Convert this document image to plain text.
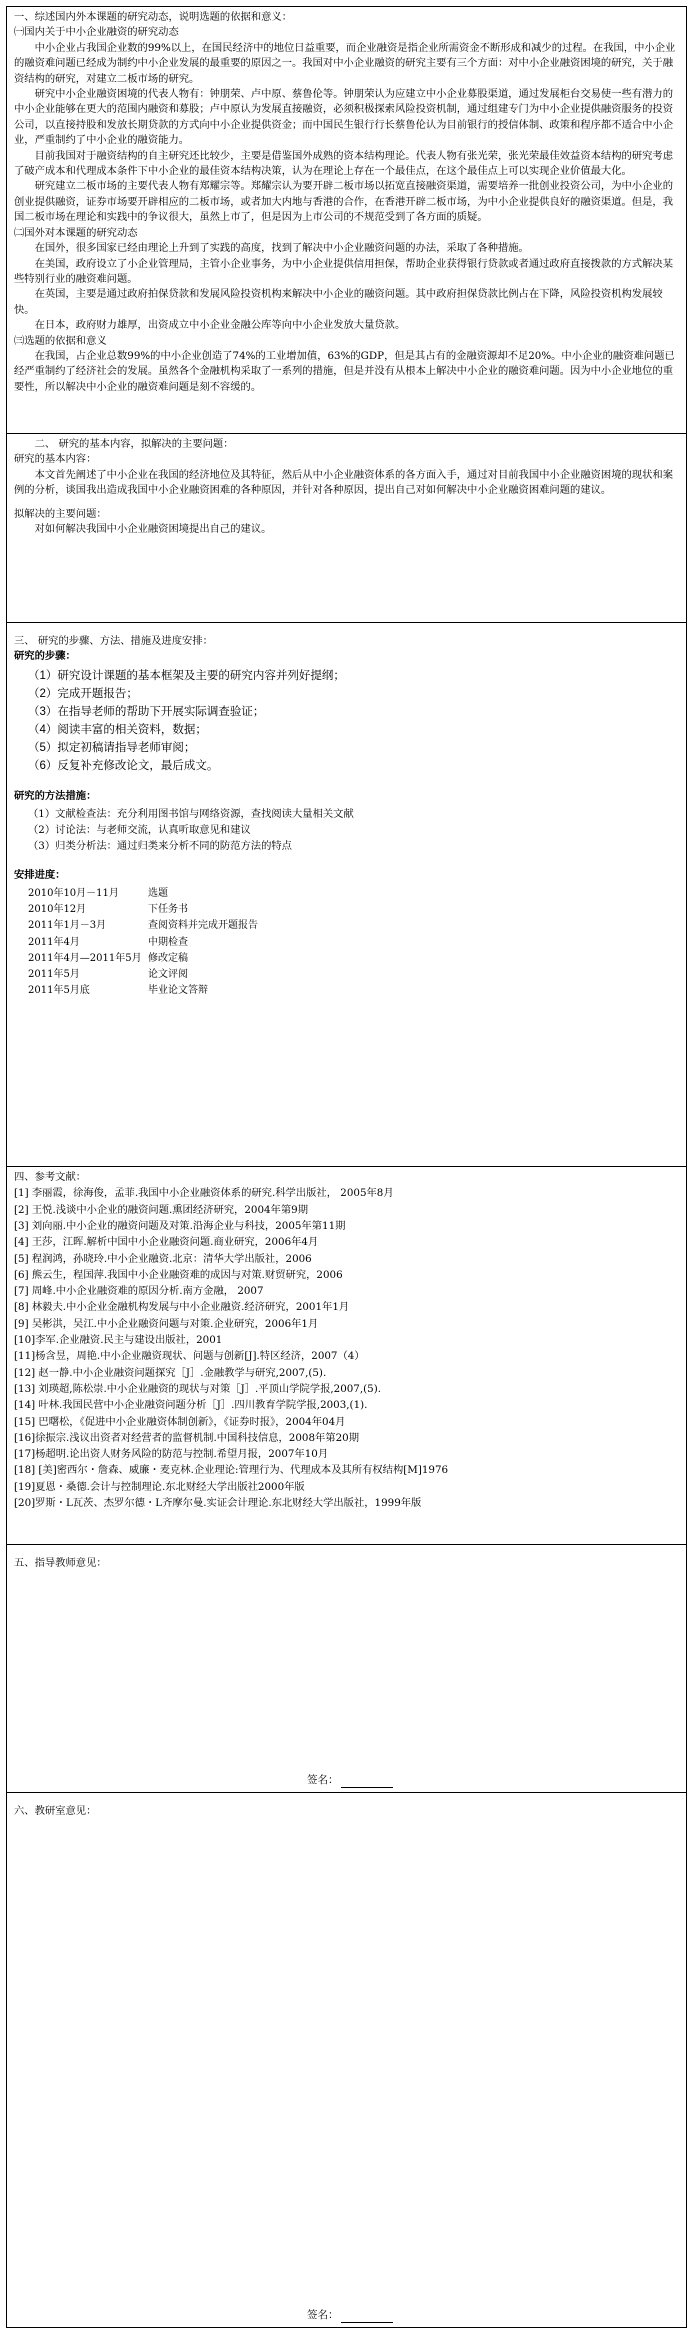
一、综述国内外本课题的研究动态，说明选题的依据和意义：

㈠国内关于中小企业融资的研究动态

中小企业占我国企业数的99%以上，在国民经济中的地位日益重要，而企业融资是指企业所需资金不断形成和减少的过程。在我国，中小企业的融资难问题已经成为制约中小企业发展的最重要的原因之一。我国对中小企业融资的研究主要有三个方面：对中小企业融资困境的研究，关于融资结构的研究，对建立二板市场的研究。

研究中小企业融资困境的代表人物有：钟朋荣、卢中原、蔡鲁伦等。钟朋荣认为应建立中小企业募股渠道，通过发展柜台交易使一些有潜力的中小企业能够在更大的范围内融资和募股；卢中原认为发展直接融资，必须积极探索风险投资机制，通过组建专门为中小企业提供融资服务的投资公司，以直接持股和发放长期贷款的方式向中小企业提供资金；而中国民生银行行长蔡鲁伦认为目前银行的授信体制、政策和程序都不适合中小企业，严重制约了中小企业的融资能力。

目前我国对于融资结构的自主研究还比较少，主要是借鉴国外成熟的资本结构理论。代表人物有张光荣，张光荣最佳效益资本结构的研究考虑了破产成本和代理成本条件下中小企业的最佳资本结构决策，认为在理论上存在一个最佳点，在这个最佳点上可以实现企业价值最大化。

研究建立二板市场的主要代表人物有郑耀宗等。郑耀宗认为要开辟二板市场以拓宽直接融资渠道，需要培养一批创业投资公司，为中小企业的创业提供融资，证券市场要开辟相应的二板市场，或者加大内地与香港的合作，在香港开辟二板市场，为中小企业提供良好的融资渠道。但是，我国二板市场在理论和实践中的争议很大，虽然上市了，但是因为上市公司的不规范受到了各方面的质疑。

㈡国外对本课题的研究动态

在国外，很多国家已经由理论上升到了实践的高度，找到了解决中小企业融资问题的办法，采取了各种措施。

在美国，政府设立了小企业管理局，主管小企业事务，为中小企业提供信用担保，帮助企业获得银行贷款或者通过政府直接拨款的方式解决某些特别行业的融资难问题。

在英国，主要是通过政府拍保贷款和发展风险投资机构来解决中小企业的融资问题。其中政府担保贷款比例占在下降，风险投资机构发展较快。

在日本，政府财力雄厚，出资成立中小企业金融公库等向中小企业发放大量贷款。

㈢选题的依据和意义

在我国，占企业总数99%的中小企业创造了74%的工业增加值，63%的GDP，但是其占有的金融资源却不足20%。中小企业的融资难问题已经严重制约了经济社会的发展。虽然各个金融机构采取了一系列的措施，但是并没有从根本上解决中小企业的融资难问题。因为中小企业地位的重要性，所以解决中小企业的融资难问题是刻不容缓的。

二、 研究的基本内容，拟解决的主要问题：

研究的基本内容：

本文首先阐述了中小企业在我国的经济地位及其特征，然后从中小企业融资体系的各方面入手，通过对目前我国中小企业融资困境的现状和案例的分析，谈国我出造成我国中小企业融资困难的各种原因，并针对各种原因，提出自己对如何解决中小企业融资困难问题的建议。

拟解决的主要问题：

对如何解决我国中小企业融资困境提出自己的建议。

三、 研究的步骤、方法、措施及进度安排：

研究的步骤：

（1）研究设计课题的基本框架及主要的研究内容并列好提纲；
（2）完成开题报告；
（3）在指导老师的帮助下开展实际调查验证；
（4）阅读丰富的相关资料，数据；
（5）拟定初稿请指导老师审阅；
（6）反复补充修改论文，最后成文。

研究的方法措施：

（1）文献检查法：充分利用图书馆与网络资源，查找阅读大量相关文献
（2）讨论法：与老师交流，认真听取意见和建议
（3）归类分析法：通过归类来分析不同的防范方法的特点

安排进度：

2010年10月－11月	选题
2010年12月	下任务书
2011年1月－3月	查阅资料并完成开题报告
2011年4月	中期检查
2011年4月—2011年5月 修改定稿
2011年5月	论文评阅
2011年5月底	毕业论文答辩

四、参考文献：

[1] 李丽霞，徐海俊，孟菲.我国中小企业融资体系的研究.科学出版社， 2005年8月

[2] 王悦.浅谈中小企业的融资问题.熏团经济研究，2004年第9期

[3] 刘向丽.中小企业的融资问题及对策.沿海企业与科技，2005年第11期

[4] 王莎，江晖.解析中国中小企业融资问题.商业研究，2006年4月

[5] 程润鸿，孙晓玲.中小企业融资.北京：清华大学出版社，2006

[6] 熊云生，程国萍.我国中小企业融资难的成因与对策.财贸研究，2006

[7] 周峰.中小企业融资难的原因分析.南方金融， 2007

[8] 林毅夫.中小企业金融机构发展与中小企业融资.经济研究，2001年1月

[9] 吴彬洪，吴江.中小企业融资问题与对策.企业研究，2006年1月

[10]李军.企业融资.民主与建设出版社，2001

[11]杨含昱，周艳.中小企业融资现状、问题与创新[J].特区经济，2007（4）

[12] 赵一静.中小企业融资问题探究［J］.金融教学与研究,2007,(5).

[13] 刘瑛超,陈松崇.中小企业融资的现状与对策［J］.平顶山学院学报,2007,(5).

[14] 叶林.我国民营中小企业融资问题分析［J］.四川教育学院学报,2003,(1).

[15] 巴曙松，《促进中小企业融资体制创新》，《证券时报》，2004年04月

[16]徐振宗.浅议出资者对经营者的监督机制.中国科技信息，2008年第20期

[17]杨超明.论出资人财务风险的防范与控制.希望月报，2007年10月

[18] [美]密西尔・詹森、威廉・麦克林.企业理论:管理行为、代理成本及其所有权结构[M]1976

[19]夏恩・桑德.会计与控制理论.东北财经大学出版社2000年版

[20]罗斯・L瓦茨、杰罗尔德・L齐摩尔曼.实证会计理论.东北财经大学出版社，1999年版

五、指导教师意见：

签名：

六、教研室意见：

签名：
